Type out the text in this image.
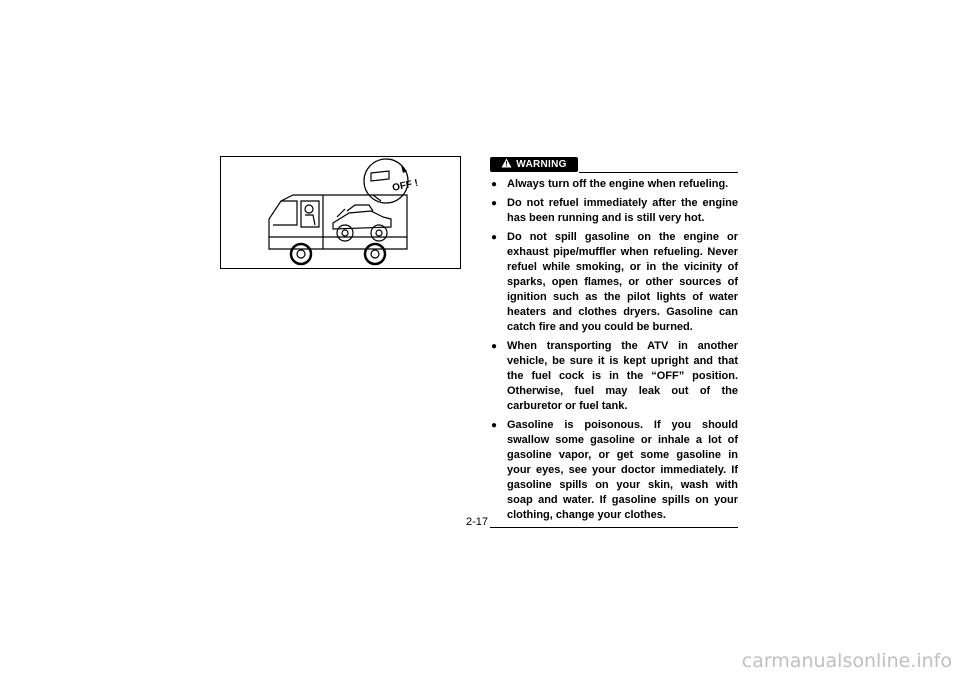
OFF !
WARNING
● Always turn off the engine when refueling.
● Do not refuel immediately after the engine has been running and is still very hot.
● Do not spill gasoline on the engine or exhaust pipe/muffler when refueling. Never refuel while smoking, or in the vicinity of sparks, open flames, or other sources of ignition such as the pilot lights of water heaters and clothes dryers. Gasoline can catch fire and you could be burned.
● When transporting the ATV in another vehicle, be sure it is kept upright and that the fuel cock is in the “OFF” position. Otherwise, fuel may leak out of the carburetor or fuel tank.
● Gasoline is poisonous. If you should swallow some gasoline or inhale a lot of gasoline vapor, or get some gasoline in your eyes, see your doctor immediately. If gasoline spills on your skin, wash with soap and water. If gasoline spills on your clothing, change your clothes.
2-17
carmanualsonline.info
